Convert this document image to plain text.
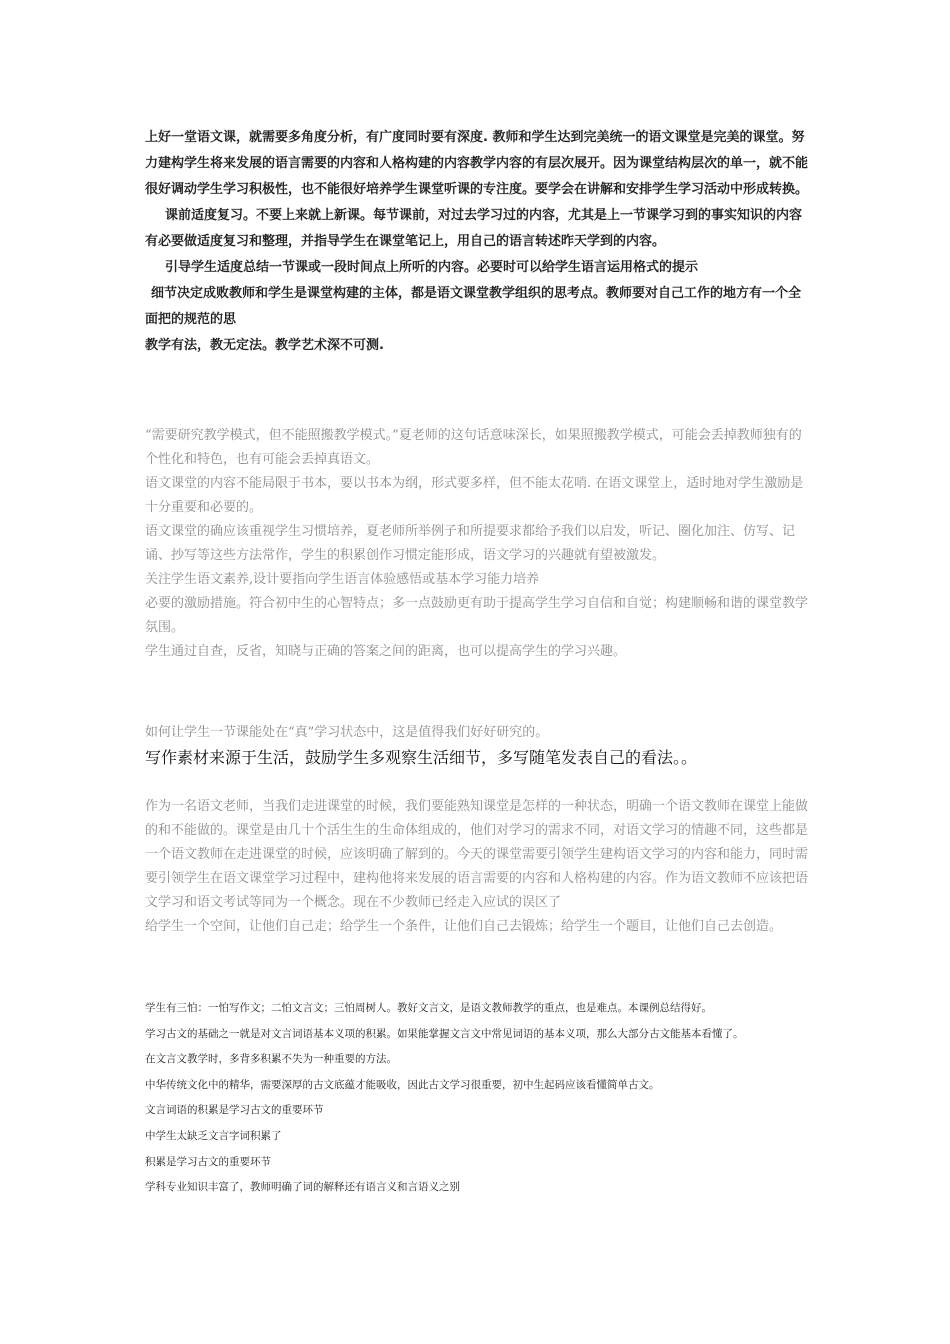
上好一堂语文课，就需要多角度分析，有广度同时要有深度. 教师和学生达到完美统一的语文课堂是完美的课堂。努力建构学生将来发展的语言需要的内容和人格构建的内容教学内容的有层次展开。因为课堂结构层次的单一，就不能很好调动学生学习积极性，也不能很好培养学生课堂听课的专注度。要学会在讲解和安排学生学习活动中形成转换。

课前适度复习。不要上来就上新课。每节课前，对过去学习过的内容，尤其是上一节课学习到的事实知识的内容有必要做适度复习和整理，并指导学生在课堂笔记上，用自己的语言转述昨天学到的内容。

引导学生适度总结一节课或一段时间点上所听的内容。必要时可以给学生语言运用格式的提示

细节决定成败教师和学生是课堂构建的主体，都是语文课堂教学组织的思考点。教师要对自己工作的地方有一个全面把的规范的思

教学有法，教无定法。教学艺术深不可测.

“需要研究教学模式，但不能照搬教学模式。”夏老师的这句话意味深长，如果照搬教学模式，可能会丢掉教师独有的个性化和特色，也有可能会丢掉真语文。

语文课堂的内容不能局限于书本，要以书本为纲，形式要多样，但不能太花哨. 在语文课堂上，适时地对学生激励是十分重要和必要的。

语文课堂的确应该重视学生习惯培养，夏老师所举例子和所提要求都给予我们以启发，听记、圈化加注、仿写、记诵、抄写等这些方法常作，学生的积累创作习惯定能形成，语文学习的兴趣就有望被激发。

关注学生语文素养,设计要指向学生语言体验感悟或基本学习能力培养

必要的激励措施。符合初中生的心智特点；多一点鼓励更有助于提高学生学习自信和自觉；构建顺畅和谐的课堂教学氛围。

学生通过自查，反省，知晓与正确的答案之间的距离，也可以提高学生的学习兴趣。

如何让学生一节课能处在“真”学习状态中，这是值得我们好好研究的。

写作素材来源于生活，鼓励学生多观察生活细节，多写随笔发表自己的看法。。

作为一名语文老师，当我们走进课堂的时候，我们要能熟知课堂是怎样的一种状态，明确一个语文教师在课堂上能做的和不能做的。课堂是由几十个活生生的生命体组成的，他们对学习的需求不同，对语文学习的情趣不同，这些都是一个语文教师在走进课堂的时候，应该明确了解到的。今天的课堂需要引领学生建构语文学习的内容和能力，同时需要引领学生在语文课堂学习过程中，建构他将来发展的语言需要的内容和人格构建的内容。作为语文教师不应该把语文学习和语文考试等同为一个概念。现在不少教师已经走入应试的误区了

给学生一个空间，让他们自己走；给学生一个条件，让他们自己去锻炼；给学生一个题目，让他们自己去创造。

学生有三怕：一怕写作文；二怕文言文；三怕周树人。教好文言文，是语文教师教学的重点，也是难点。本课例总结得好。

学习古文的基础之一就是对文言词语基本义项的积累。如果能掌握文言文中常见词语的基本义项，那么大部分古文能基本看懂了。

在文言文教学时，多背多积累不失为一种重要的方法。

中华传统文化中的精华，需要深厚的古文底蕴才能吸收，因此古文学习很重要，初中生起码应该看懂简单古文。

文言词语的积累是学习古文的重要环节

中学生太缺乏文言字词积累了

积累是学习古文的重要环节

学科专业知识丰富了，教师明确了词的解释还有语言义和言语义之别
